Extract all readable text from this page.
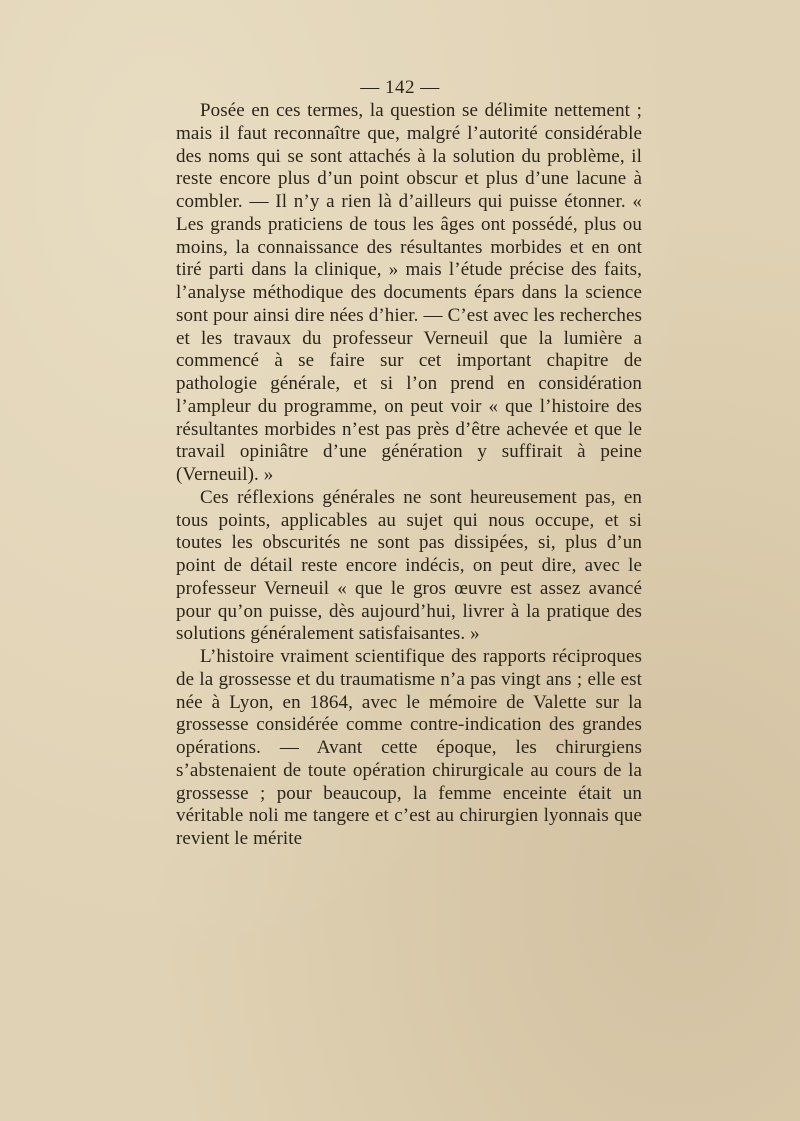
— 142 —

Posée en ces termes, la question se délimite nettement ; mais il faut reconnaître que, malgré l’autorité considérable des noms qui se sont attachés à la solution du problème, il reste encore plus d’un point obscur et plus d’une lacune à combler. — Il n’y a rien là d’ailleurs qui puisse étonner. « Les grands praticiens de tous les âges ont possédé, plus ou moins, la connaissance des résultantes morbides et en ont tiré parti dans la clinique, » mais l’étude précise des faits, l’analyse méthodique des documents épars dans la science sont pour ainsi dire nées d’hier. — C’est avec les recherches et les travaux du professeur Verneuil que la lumière a commencé à se faire sur cet important chapitre de pathologie générale, et si l’on prend en considération l’ampleur du programme, on peut voir « que l’histoire des résultantes morbides n’est pas près d’être achevée et que le travail opiniâtre d’une génération y suffirait à peine (Verneuil). »

Ces réflexions générales ne sont heureusement pas, en tous points, applicables au sujet qui nous occupe, et si toutes les obscurités ne sont pas dissipées, si, plus d’un point de détail reste encore indécis, on peut dire, avec le professeur Verneuil « que le gros œuvre est assez avancé pour qu’on puisse, dès aujourd’hui, livrer à la pratique des solutions généralement satisfaisantes. »

L’histoire vraiment scientifique des rapports réciproques de la grossesse et du traumatisme n’a pas vingt ans ; elle est née à Lyon, en 1864, avec le mémoire de Valette sur la grossesse considérée comme contre-indication des grandes opérations. — Avant cette époque, les chirurgiens s’abstenaient de toute opération chirurgicale au cours de la grossesse ; pour beaucoup, la femme enceinte était un véritable noli me tangere et c’est au chirurgien lyonnais que revient le mérite
